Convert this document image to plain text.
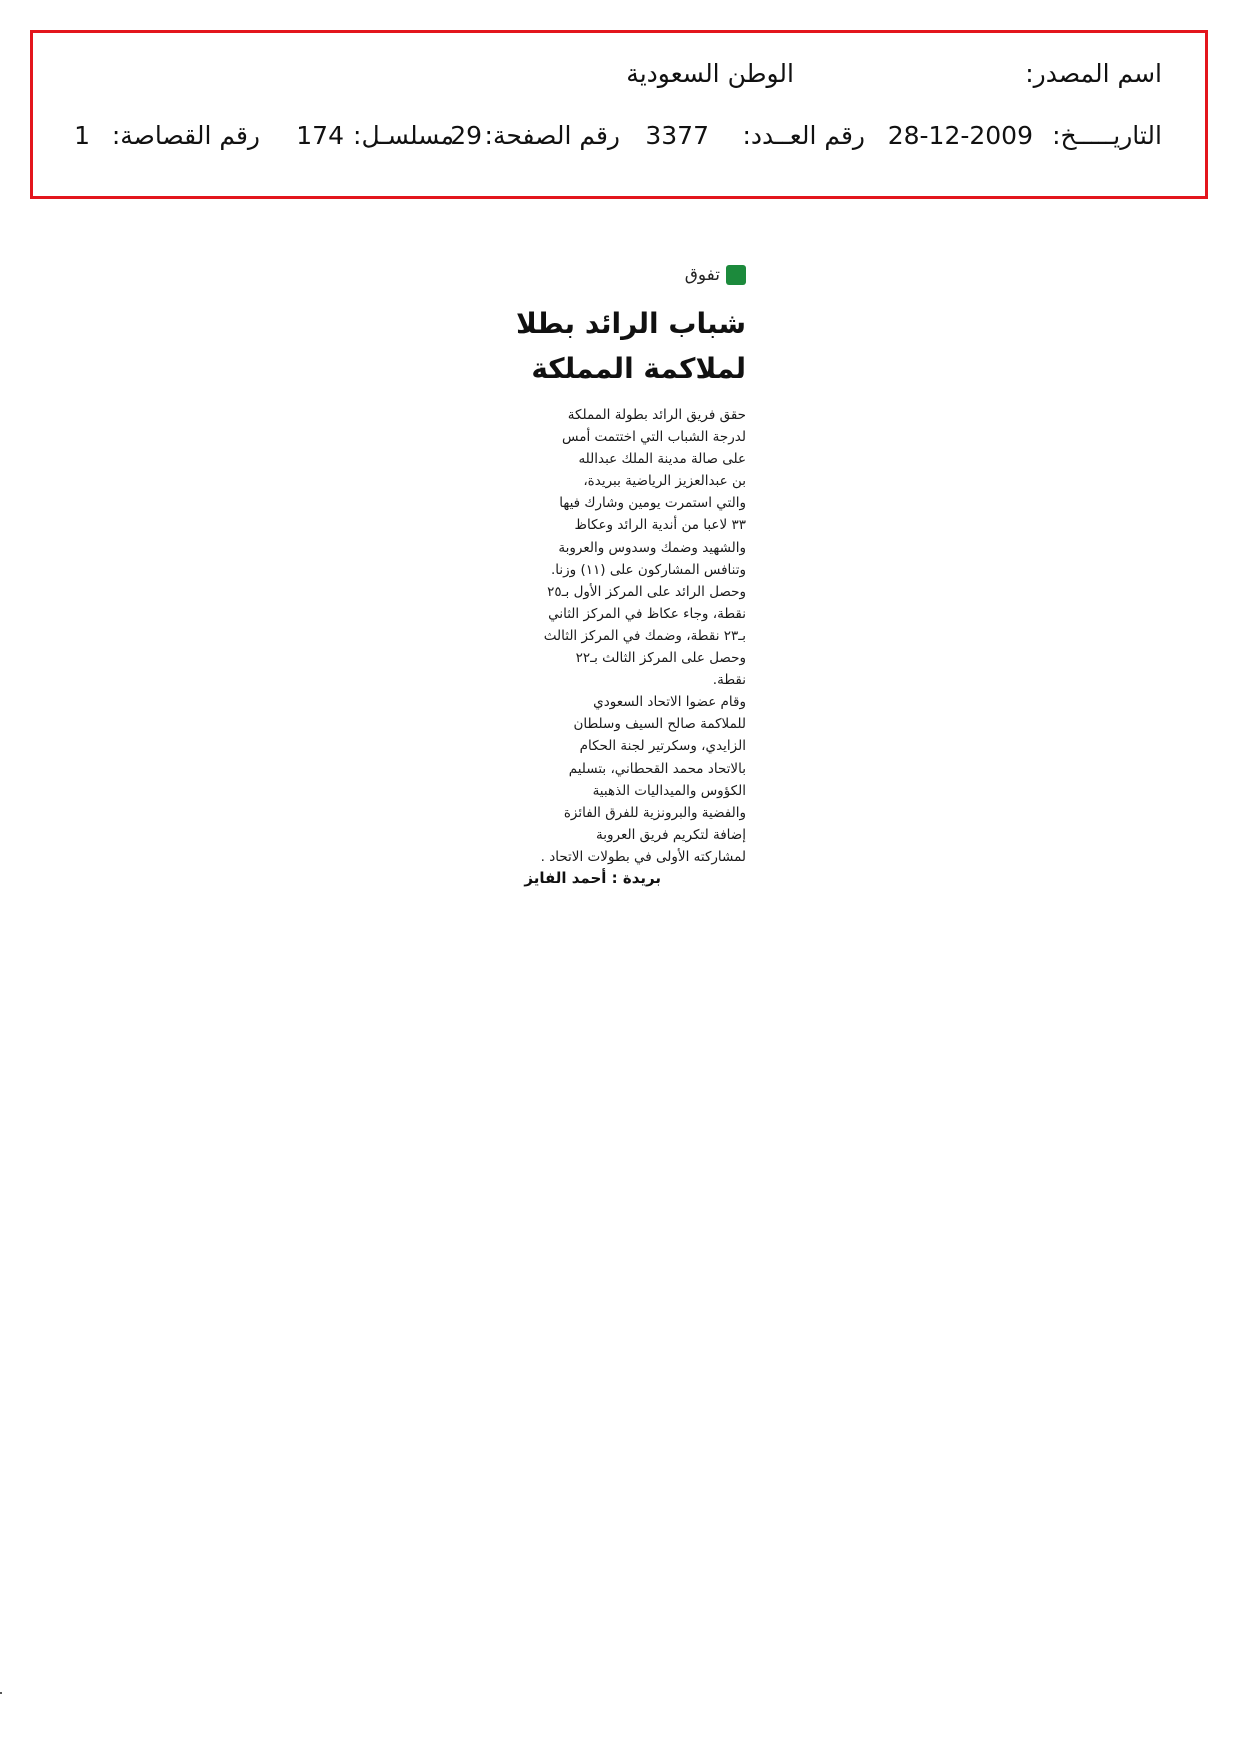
اسم المصدر:
الوطن السعودية
التاريـــــخ:
28-12-2009
رقم العــدد:
3377
رقم الصفحة:
29
مسلسـل:
174
رقم القصاصة:
1
تفوق
شباب الرائد بطلا
لملاكمة المملكة
حقق فريق الرائد بطولة المملكة
لدرجة الشباب التي اختتمت أمس
على صالة مدينة الملك عبدالله
بن عبدالعزيز الرياضية ببريدة،
والتي استمرت يومين وشارك فيها
٣٣ لاعبا من أندية الرائد وعكاظ
والشهيد وضمك وسدوس والعروبة
وتنافس المشاركون على (١١) وزنا.
وحصل الرائد على المركز الأول بـ٢٥
نقطة، وجاء عكاظ في المركز الثاني
بـ٢٣ نقطة، وضمك في المركز الثالث
وحصل على المركز الثالث بـ٢٢
نقطة.
وقام عضوا الاتحاد السعودي
للملاكمة صالح السيف وسلطان
الزايدي، وسكرتير لجنة الحكام
بالاتحاد محمد القحطاني، بتسليم
الكؤوس والميداليات الذهبية
والفضية والبرونزية للفرق الفائزة
إضافة لتكريم فريق العروبة
لمشاركته الأولى في بطولات الاتحاد .
بريدة : أحمد الفايز
